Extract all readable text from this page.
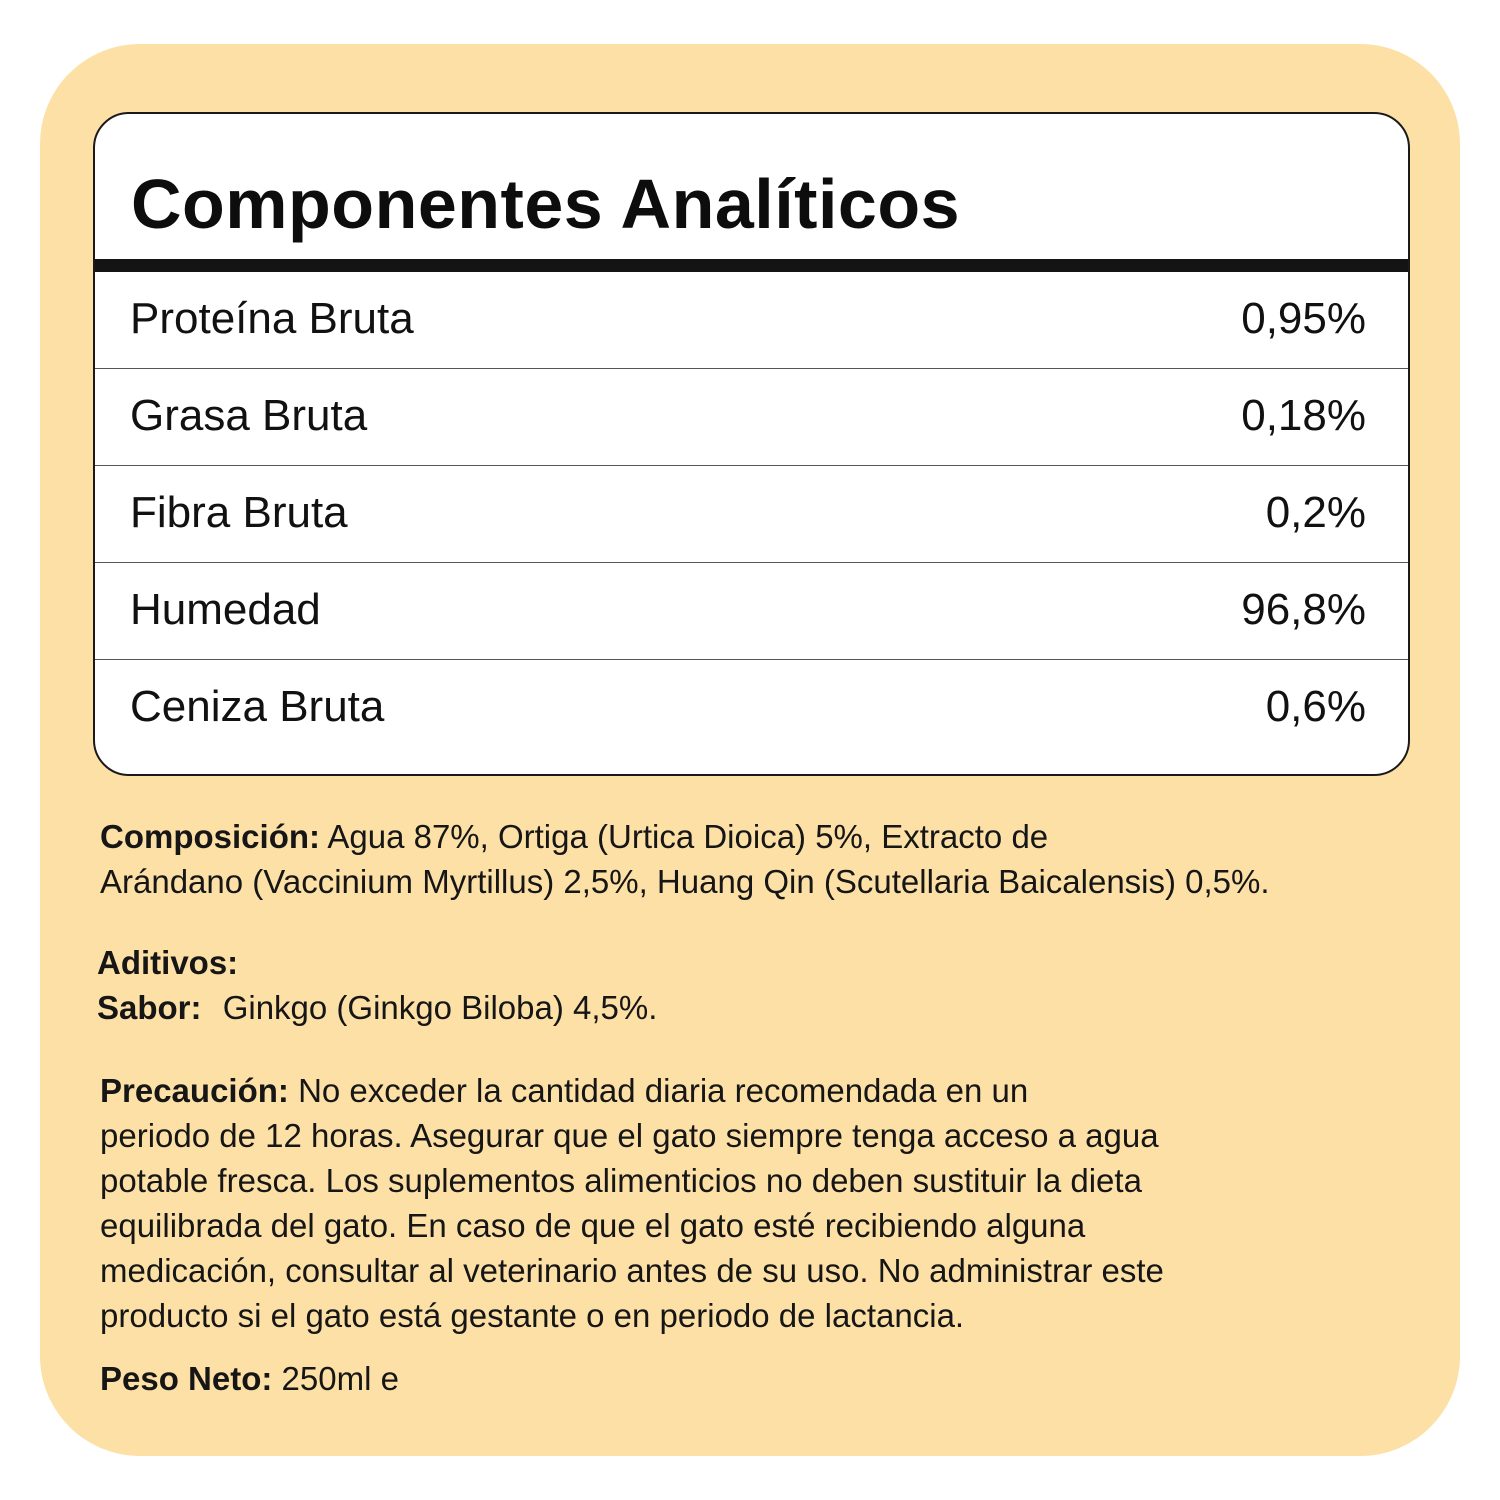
Componentes Analíticos
Proteína Bruta	0,95%
Grasa Bruta	0,18%
Fibra Bruta	0,2%
Humedad	96,8%
Ceniza Bruta	0,6%
Composición: Agua 87%, Ortiga (Urtica Dioica) 5%, Extracto de
Arándano (Vaccinium Myrtillus) 2,5%, Huang Qin (Scutellaria Baicalensis) 0,5%.
Aditivos:
Sabor: Ginkgo (Ginkgo Biloba) 4,5%.
Precaución: No exceder la cantidad diaria recomendada en un
periodo de 12 horas. Asegurar que el gato siempre tenga acceso a agua
potable fresca. Los suplementos alimenticios no deben sustituir la dieta
equilibrada del gato. En caso de que el gato esté recibiendo alguna
medicación, consultar al veterinario antes de su uso. No administrar este
producto si el gato está gestante o en periodo de lactancia.
Peso Neto: 250ml e
